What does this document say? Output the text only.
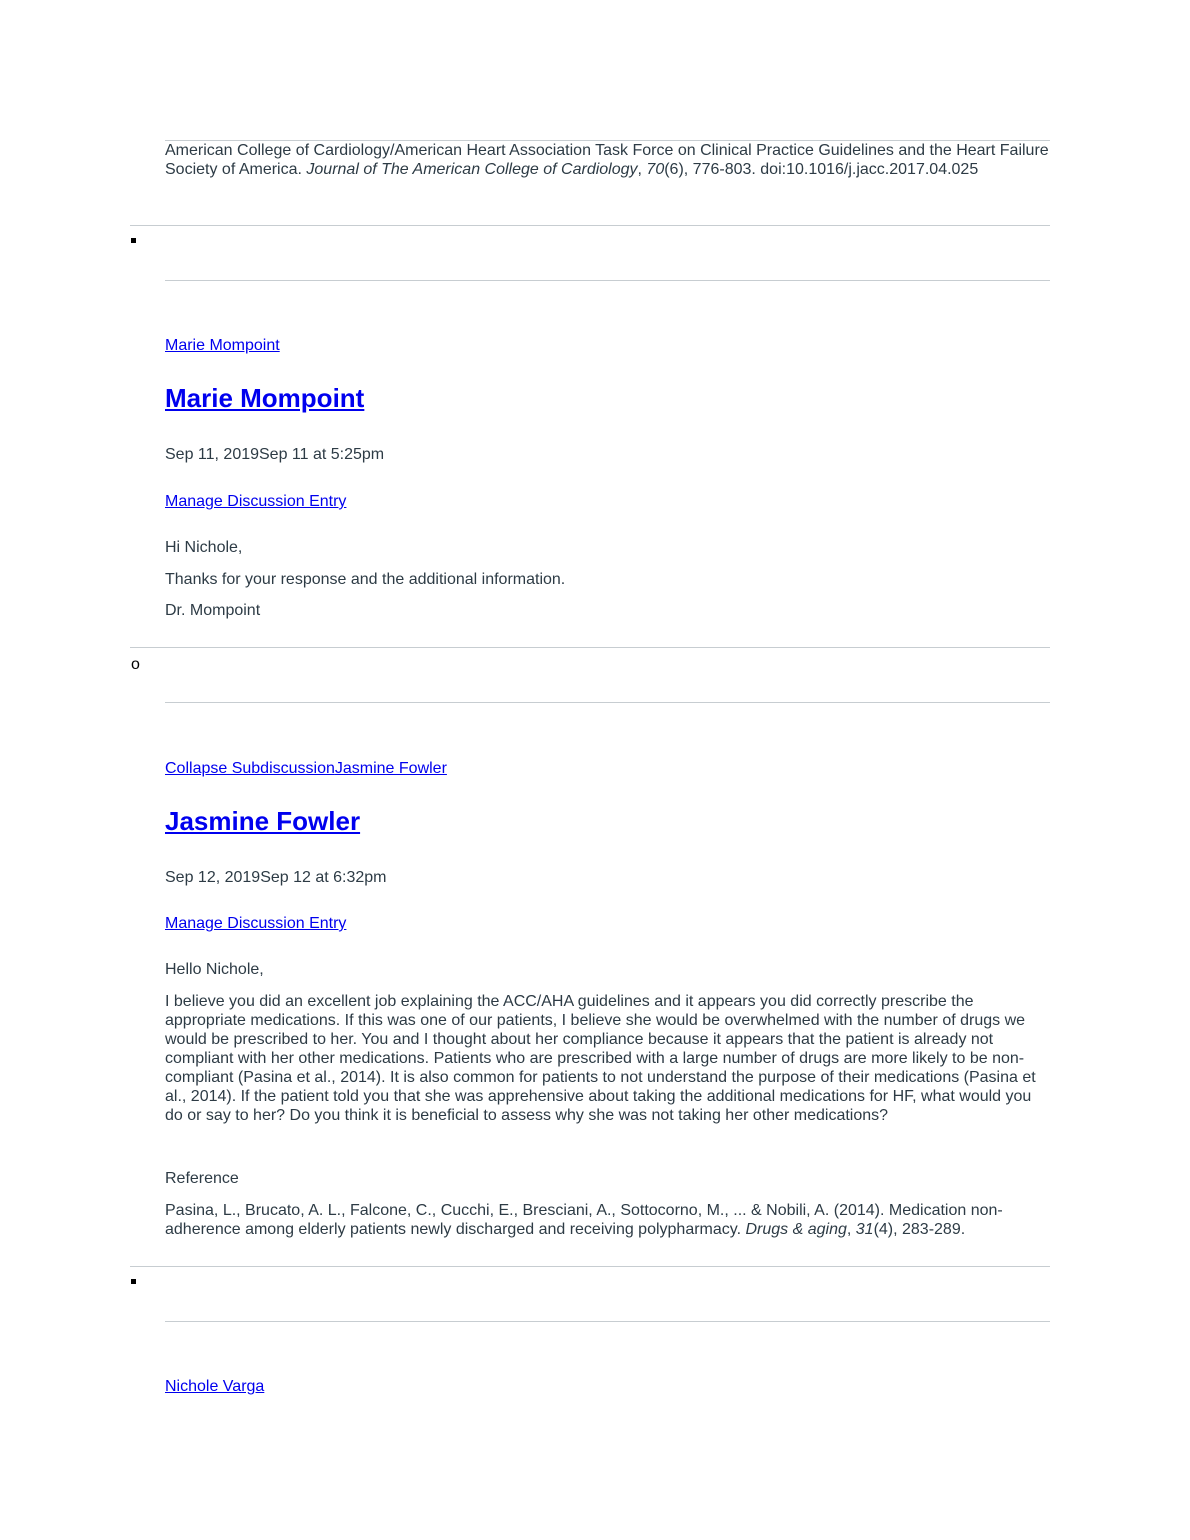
American College of Cardiology/American Heart Association Task Force on Clinical Practice Guidelines and the Heart Failure Society of America. Journal of The American College of Cardiology, 70(6), 776-803. doi:10.1016/j.jacc.2017.04.025
Marie Mompoint
Marie Mompoint
Sep 11, 2019Sep 11 at 5:25pm
Manage Discussion Entry
Hi Nichole,
Thanks for your response and the additional information.
Dr. Mompoint
o
Collapse SubdiscussionJasmine Fowler
Jasmine Fowler
Sep 12, 2019Sep 12 at 6:32pm
Manage Discussion Entry
Hello Nichole,
I believe you did an excellent job explaining the ACC/AHA guidelines and it appears you did correctly prescribe the appropriate medications. If this was one of our patients, I believe she would be overwhelmed with the number of drugs we would be prescribed to her. You and I thought about her compliance because it appears that the patient is already not compliant with her other medications. Patients who are prescribed with a large number of drugs are more likely to be non-compliant (Pasina et al., 2014). It is also common for patients to not understand the purpose of their medications (Pasina et al., 2014). If the patient told you that she was apprehensive about taking the additional medications for HF, what would you do or say to her? Do you think it is beneficial to assess why she was not taking her other medications?
Reference
Pasina, L., Brucato, A. L., Falcone, C., Cucchi, E., Bresciani, A., Sottocorno, M., ... & Nobili, A. (2014). Medication non-adherence among elderly patients newly discharged and receiving polypharmacy. Drugs & aging, 31(4), 283-289.
Nichole Varga
